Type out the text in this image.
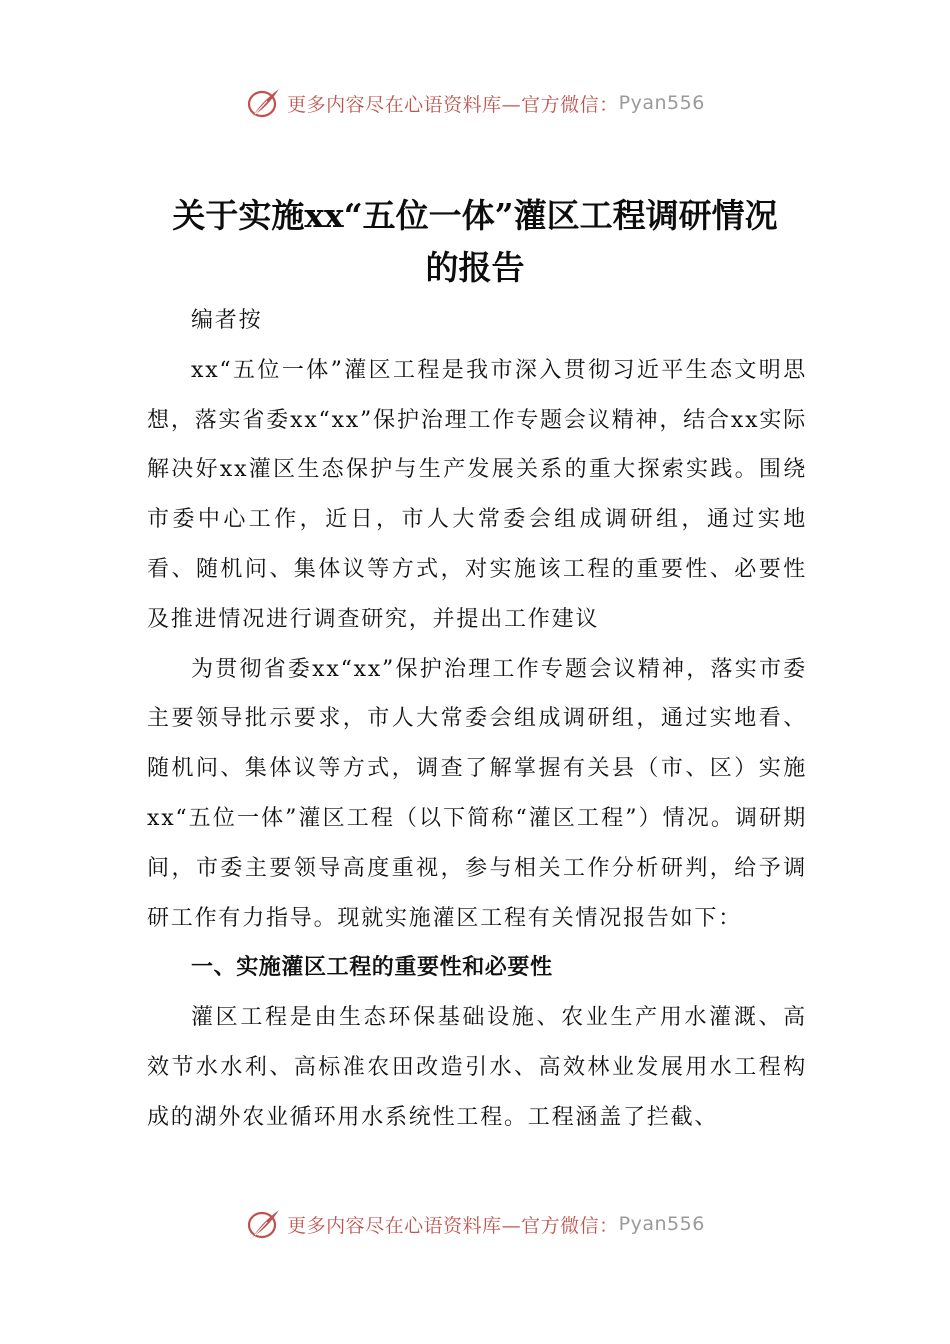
更多内容尽在心语资料库—官方微信： Pyan556
关于实施xx“五位一体”灌区工程调研情况
的报告

编者按

xx“五位一体”灌区工程是我市深入贯彻习近平生态文明思想，落实省委xx“xx”保护治理工作专题会议精神，结合xx实际解决好xx灌区生态保护与生产发展关系的重大探索实践。围绕市委中心工作，近日，市人大常委会组成调研组，通过实地看、随机问、集体议等方式，对实施该工程的重要性、必要性及推进情况进行调查研究，并提出工作建议

为贯彻省委xx“xx”保护治理工作专题会议精神，落实市委主要领导批示要求，市人大常委会组成调研组，通过实地看、随机问、集体议等方式，调查了解掌握有关县（市、区）实施xx“五位一体”灌区工程（以下简称“灌区工程”）情况。调研期间，市委主要领导高度重视，参与相关工作分析研判，给予调研工作有力指导。现就实施灌区工程有关情况报告如下：

一、实施灌区工程的重要性和必要性

灌区工程是由生态环保基础设施、农业生产用水灌溉、高效节水水利、高标准农田改造引水、高效林业发展用水工程构成的湖外农业循环用水系统性工程。工程涵盖了拦截、

更多内容尽在心语资料库—官方微信： Pyan556
